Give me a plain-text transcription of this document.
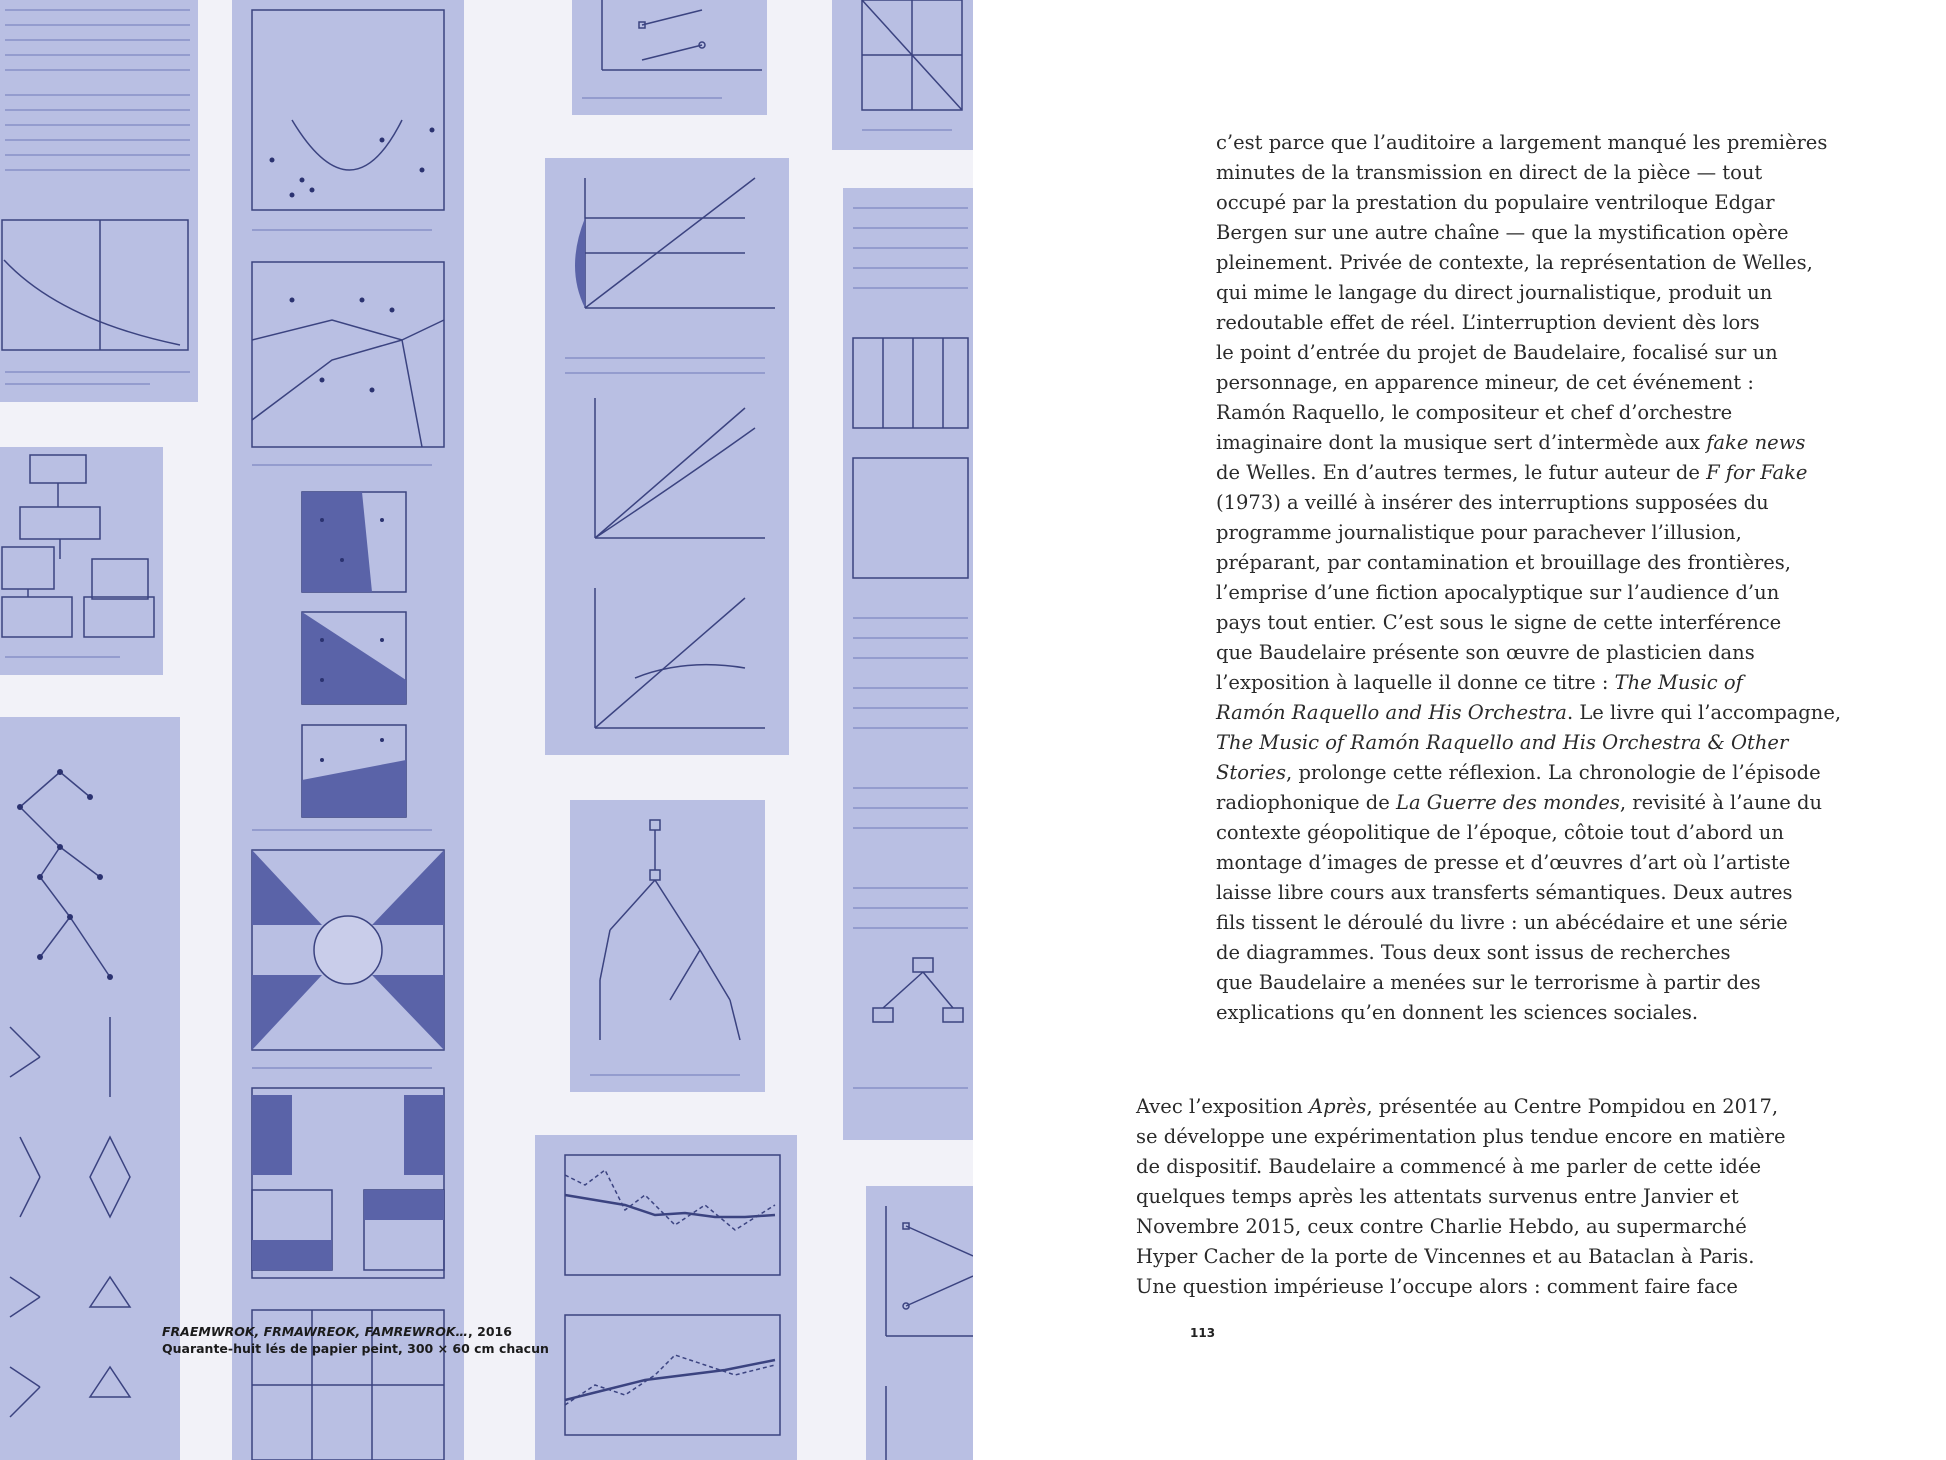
FRAEMWROK, FRMAWREOK, FAMREWROK…, 2016
Quarante-huit lés de papier peint, 300 × 60 cm chacun
c’est parce que l’auditoire a largement manqué les premières
minutes de la transmission en direct de la pièce — tout
occupé par la prestation du populaire ventriloque Edgar
Bergen sur une autre chaîne — que la mystification opère
pleinement. Privée de contexte, la représentation de Welles,
qui mime le langage du direct journalistique, produit un
redoutable effet de réel. L’interruption devient dès lors
le point d’entrée du projet de Baudelaire, focalisé sur un
personnage, en apparence mineur, de cet événement :
Ramón Raquello, le compositeur et chef d’orchestre
imaginaire dont la musique sert d’intermède aux fake news
de Welles. En d’autres termes, le futur auteur de F for Fake
(1973) a veillé à insérer des interruptions supposées du
programme journalistique pour parachever l’illusion,
préparant, par contamination et brouillage des frontières,
l’emprise d’une fiction apocalyptique sur l’audience d’un
pays tout entier. C’est sous le signe de cette interférence
que Baudelaire présente son œuvre de plasticien dans
l’exposition à laquelle il donne ce titre : The Music of
Ramón Raquello and His Orchestra. Le livre qui l’accompagne,
The Music of Ramón Raquello and His Orchestra & Other
Stories, prolonge cette réflexion. La chronologie de l’épisode
radiophonique de La Guerre des mondes, revisité à l’aune du
contexte géopolitique de l’époque, côtoie tout d’abord un
montage d’images de presse et d’œuvres d’art où l’artiste
laisse libre cours aux transferts sémantiques. Deux autres
fils tissent le déroulé du livre : un abécédaire et une série
de diagrammes. Tous deux sont issus de recherches
que Baudelaire a menées sur le terrorisme à partir des
explications qu’en donnent les sciences sociales.
Avec l’exposition Après, présentée au Centre Pompidou en 2017,
se développe une expérimentation plus tendue encore en matière
de dispositif. Baudelaire a commencé à me parler de cette idée
quelques temps après les attentats survenus entre Janvier et
Novembre 2015, ceux contre Charlie Hebdo, au supermarché
Hyper Cacher de la porte de Vincennes et au Bataclan à Paris.
Une question impérieuse l’occupe alors : comment faire face
113
